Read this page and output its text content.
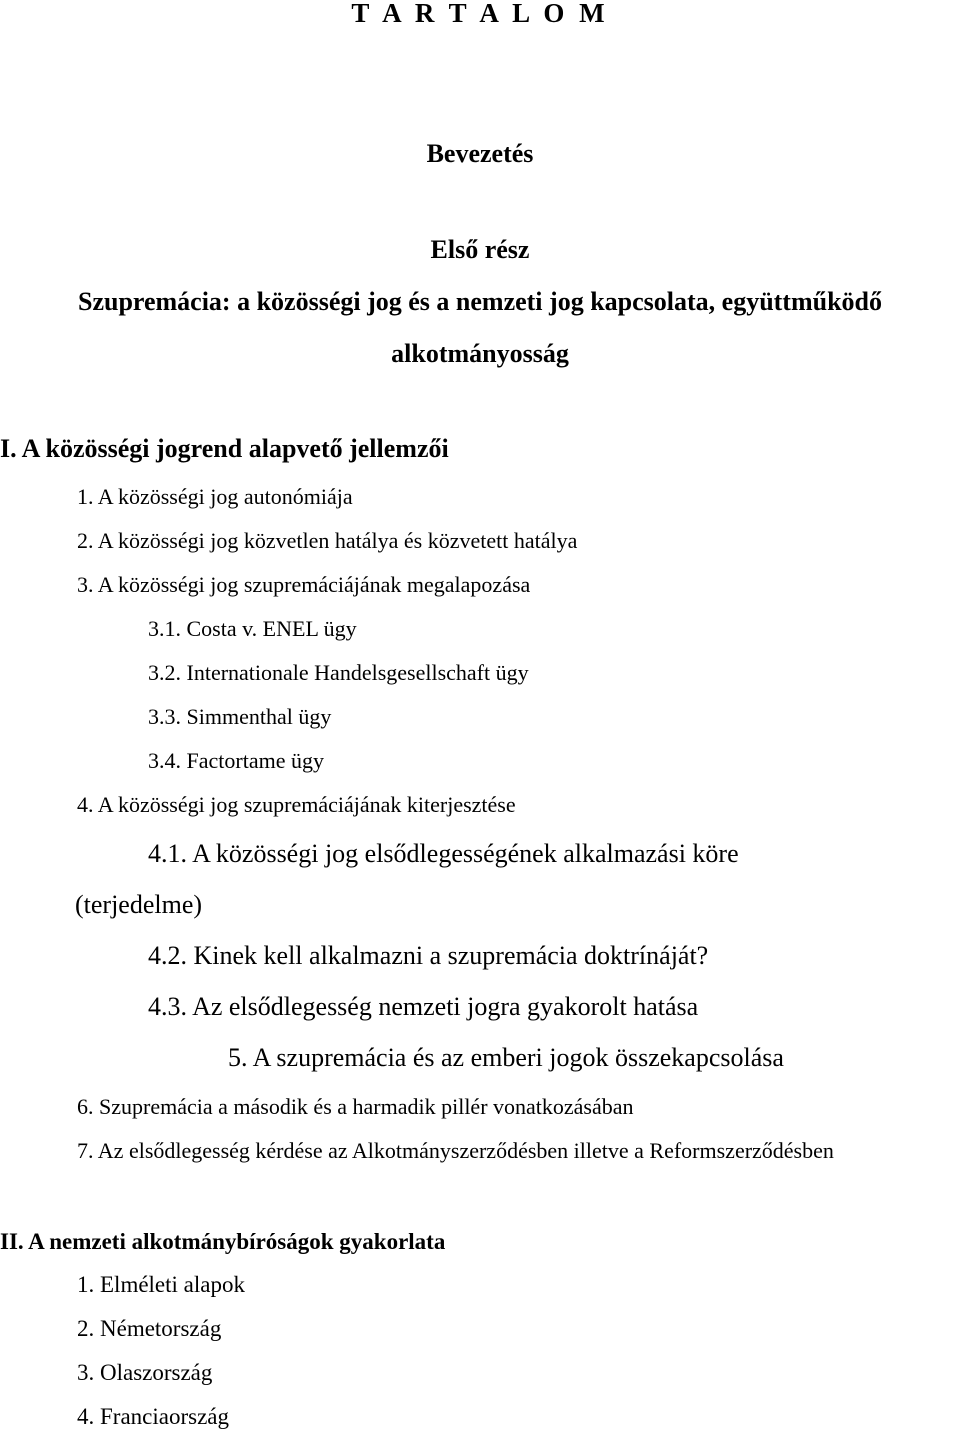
T A R T A L O M
Bevezetés
Első rész
Szupremácia: a közösségi jog és a nemzeti jog kapcsolata, együttműködő
alkotmányosság
I. A közösségi jogrend alapvető jellemzői
1. A közösségi jog autonómiája
2. A közösségi jog közvetlen hatálya és közvetett hatálya
3. A közösségi jog szupremáciájának megalapozása
3.1. Costa v. ENEL ügy
3.2. Internationale Handelsgesellschaft ügy
3.3. Simmenthal ügy
3.4. Factortame ügy
4. A közösségi jog szupremáciájának kiterjesztése
4.1. A közösségi jog elsődlegességének alkalmazási köre
(terjedelme)
4.2. Kinek kell alkalmazni a szupremácia doktrínáját?
4.3. Az elsődlegesség nemzeti jogra gyakorolt hatása
5. A szupremácia és az emberi jogok összekapcsolása
6. Szupremácia a második és a harmadik pillér vonatkozásában
7. Az elsődlegesség kérdése az Alkotmányszerződésben illetve a Reformszerződésben
II. A nemzeti alkotmánybíróságok gyakorlata
1. Elméleti alapok
2. Németország
3. Olaszország
4. Franciaország
